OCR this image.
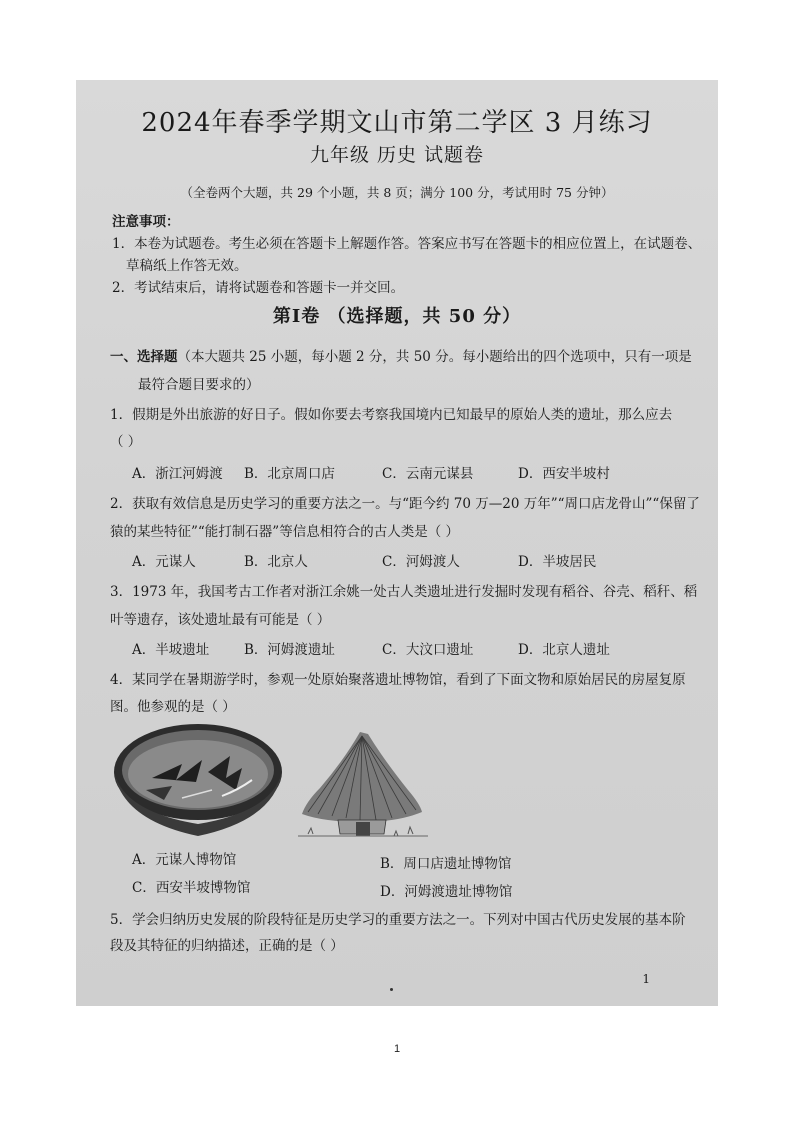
2024年春季学期文山市第二学区 3 月练习
九年级 历史 试题卷
（全卷两个大题，共 29 个小题，共 8 页；满分 100 分，考试用时 75 分钟）
注意事项：
1．本卷为试题卷。考生必须在答题卡上解题作答。答案应书写在答题卡的相应位置上，在试题卷、
草稿纸上作答无效。
2．考试结束后，请将试题卷和答题卡一并交回。
第Ⅰ卷 （选择题，共 50 分）
一、选择题（本大题共 25 小题，每小题 2 分，共 50 分。每小题给出的四个选项中，只有一项是
最符合题目要求的）
1．假期是外出旅游的好日子。假如你要去考察我国境内已知最早的原始人类的遗址，那么应去
（ ）
A．浙江河姆渡 B．北京周口店	C．云南元谋县	D．西安半坡村
2．获取有效信息是历史学习的重要方法之一。与“距今约 70 万—20 万年”“周口店龙骨山”“保留了
猿的某些特征”“能打制石器”等信息相符合的古人类是（ ）
A．元谋人	B．北京人	C．河姆渡人	D．半坡居民
3．1973 年，我国考古工作者对浙江余姚一处古人类遗址进行发掘时发现有稻谷、谷壳、稻秆、稻
叶等遗存，该处遗址最有可能是（ ）
A．半坡遗址	B．河姆渡遗址	C．大汶口遗址	D．北京人遗址
4．某同学在暑期游学时，参观一处原始聚落遗址博物馆，看到了下面文物和原始居民的房屋复原
图。他参观的是（ ）
A．元谋人博物馆	B．周口店遗址博物馆
C．西安半坡博物馆	D．河姆渡遗址博物馆
5．学会归纳历史发展的阶段特征是历史学习的重要方法之一。下列对中国古代历史发展的基本阶
段及其特征的归纳描述，正确的是（ ）
1
1
